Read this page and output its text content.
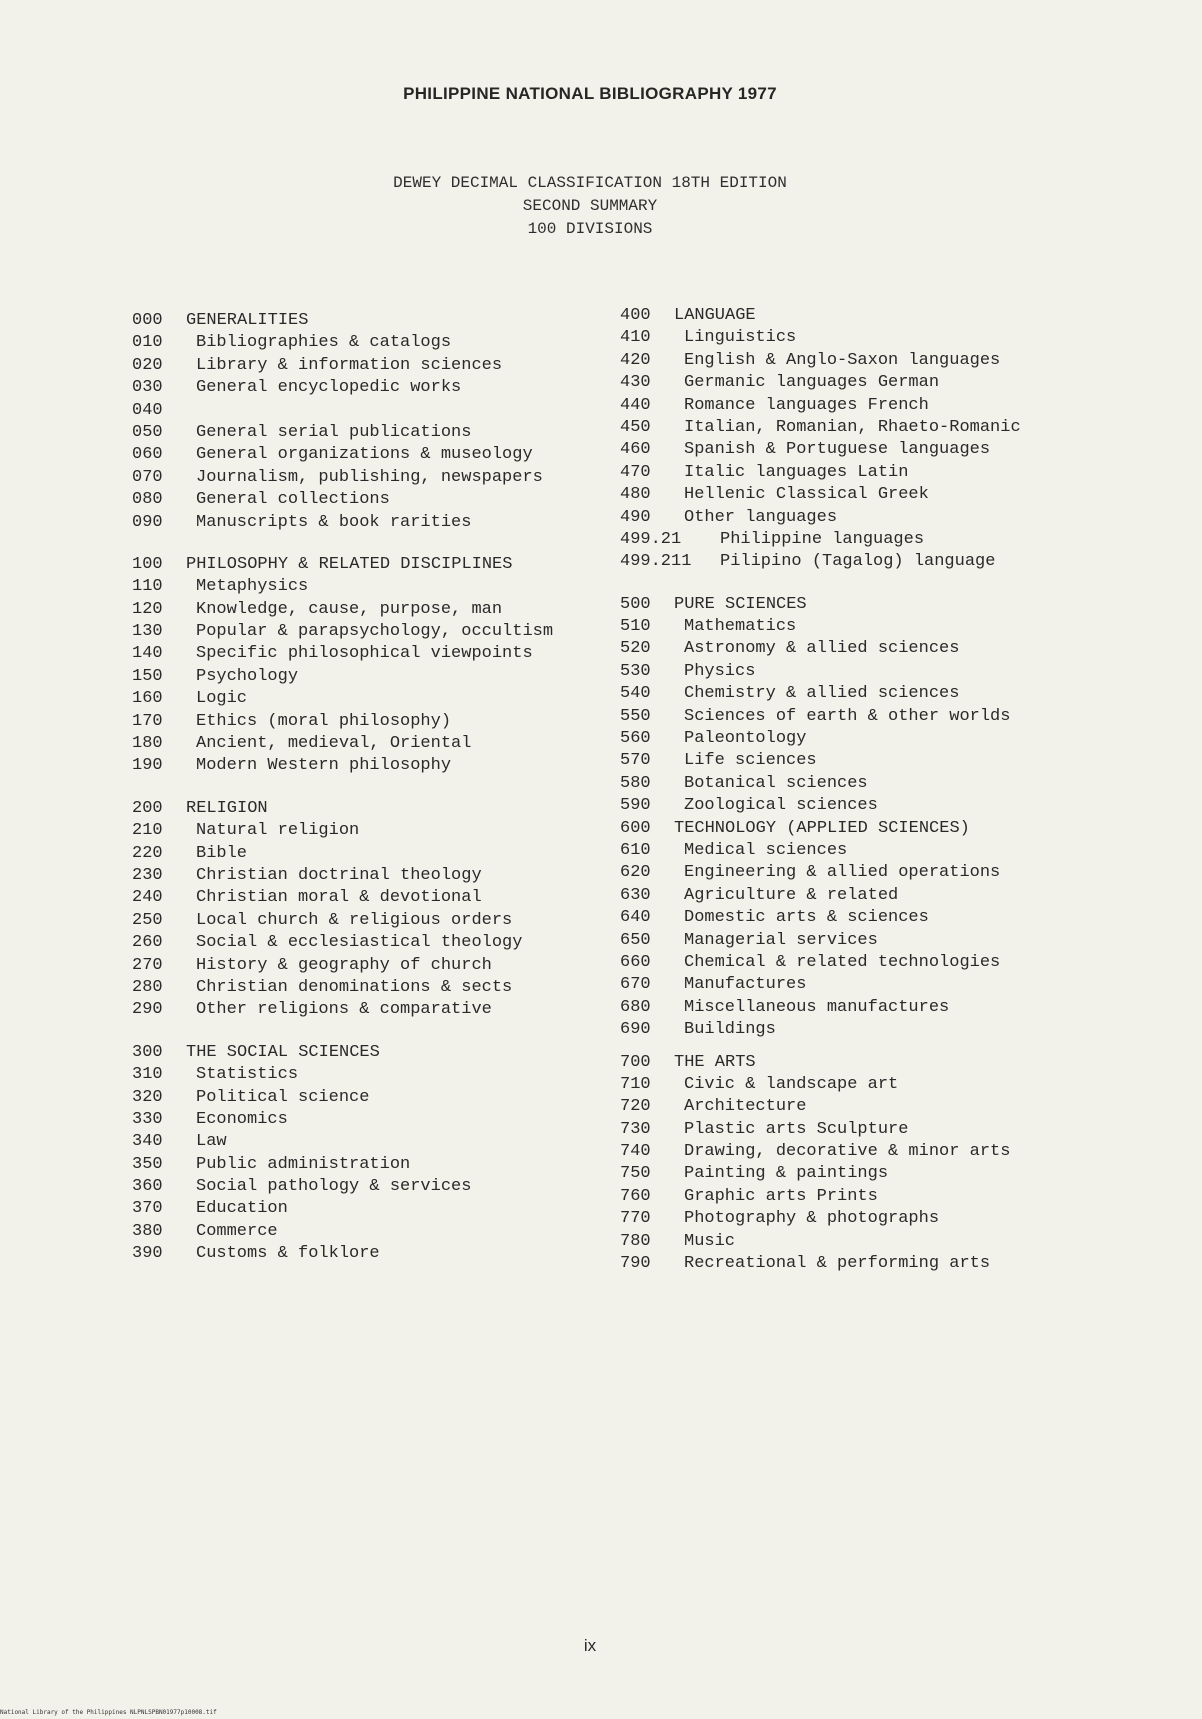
PHILIPPINE NATIONAL BIBLIOGRAPHY 1977
DEWEY DECIMAL CLASSIFICATION 18TH EDITION
SECOND SUMMARY
100 DIVISIONS
000 GENERALITIES
010 Bibliographies & catalogs
020 Library & information sciences
030 General encyclopedic works
040
050 General serial publications
060 General organizations & museology
070 Journalism, publishing, newspapers
080 General collections
090 Manuscripts & book rarities
100 PHILOSOPHY & RELATED DISCIPLINES
110 Metaphysics
120 Knowledge, cause, purpose, man
130 Popular & parapsychology, occultism
140 Specific philosophical viewpoints
150 Psychology
160 Logic
170 Ethics (moral philosophy)
180 Ancient, medieval, Oriental
190 Modern Western philosophy
200 RELIGION
210 Natural religion
220 Bible
230 Christian doctrinal theology
240 Christian moral & devotional
250 Local church & religious orders
260 Social & ecclesiastical theology
270 History & geography of church
280 Christian denominations & sects
290 Other religions & comparative
300 THE SOCIAL SCIENCES
310 Statistics
320 Political science
330 Economics
340 Law
350 Public administration
360 Social pathology & services
370 Education
380 Commerce
390 Customs & folklore
400 LANGUAGE
410 Linguistics
420 English & Anglo-Saxon languages
430 Germanic languages German
440 Romance languages French
450 Italian, Romanian, Rhaeto-Romanic
460 Spanish & Portuguese languages
470 Italic languages Latin
480 Hellenic Classical Greek
490 Other languages
499.21 Philippine languages
499.211 Pilipino (Tagalog) language
500 PURE SCIENCES
510 Mathematics
520 Astronomy & allied sciences
530 Physics
540 Chemistry & allied sciences
550 Sciences of earth & other worlds
560 Paleontology
570 Life sciences
580 Botanical sciences
590 Zoological sciences
600 TECHNOLOGY (APPLIED SCIENCES)
610 Medical sciences
620 Engineering & allied operations
630 Agriculture & related
640 Domestic arts & sciences
650 Managerial services
660 Chemical & related technologies
670 Manufactures
680 Miscellaneous manufactures
690 Buildings
700 THE ARTS
710 Civic & landscape art
720 Architecture
730 Plastic arts Sculpture
740 Drawing, decorative & minor arts
750 Painting & paintings
760 Graphic arts Prints
770 Photography & photographs
780 Music
790 Recreational & performing arts
ix
National Library of the Philippines NLPNLSPBN01977p10008.tif
